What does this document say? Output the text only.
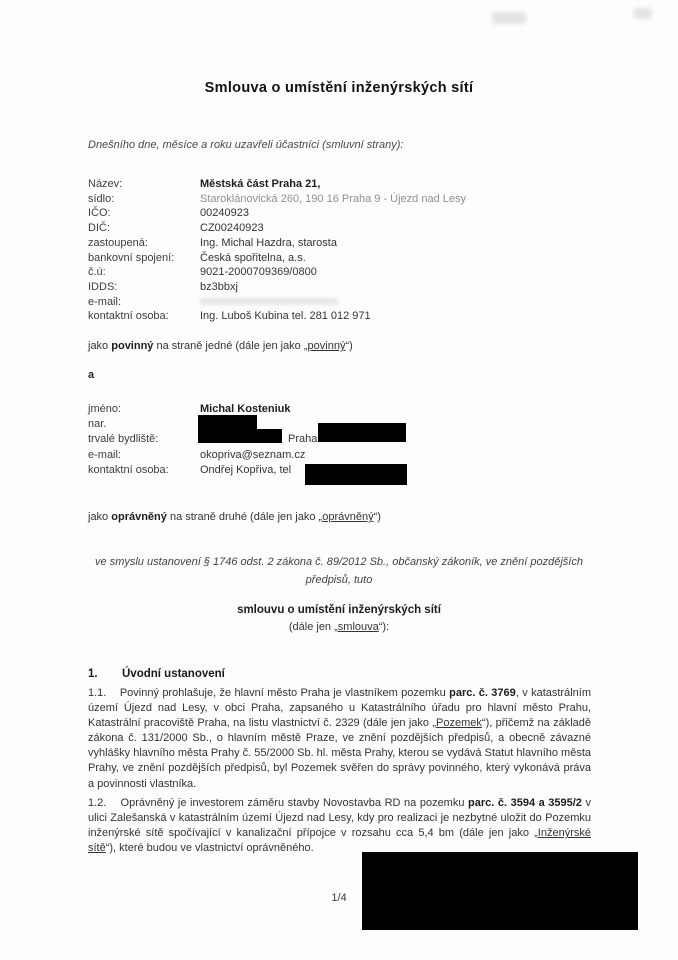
Smlouva o umístění inženýrských sítí
Dnešního dne, měsíce a roku uzavřeli účastníci (smluvní strany):
Název:	Městská část Praha 21,
sídlo:	Staroklánovická 260, 190 16 Praha 9 - Újezd nad Lesy
IČO:	00240923
DIČ:	CZ00240923
zastoupená:	Ing. Michal Hazdra, starosta
bankovní spojení:	Česká spořitelna, a.s.
č.ú:	9021-2000709369/0800
IDDS:	bz3bbxj
e-mail:
kontaktní osoba:	Ing. Luboš Kubina tel. 281 012 971
jako povinný na straně jedné (dále jen jako „povinný“)
a
jméno:	Michal Kosteniuk
nar.
trvalé bydliště:	Praha
e-mail:	okopriva@seznam.cz
kontaktní osoba:	Ondřej Kopřiva, tel
jako oprávněný na straně druhé (dále jen jako „oprávněný“)
ve smyslu ustanovení § 1746 odst. 2 zákona č. 89/2012 Sb., občanský zákoník, ve znění pozdějších
předpisů, tuto
smlouvu o umístění inženýrských sítí
(dále jen „smlouva“):
1. Úvodní ustanovení
1.1.    Povinný prohlašuje, že hlavní město Praha je vlastníkem pozemku parc. č. 3769, v katastrálním území Újezd nad Lesy, v obci Praha, zapsaného u Katastrálního úřadu pro hlavní město Prahu, Katastrální pracoviště Praha, na listu vlastnictví č. 2329 (dále jen jako „Pozemek“), přičemž na základě zákona č. 131/2000 Sb., o hlavním městě Praze, ve znění pozdějších předpisů, a obecně závazné vyhlášky hlavního města Prahy č. 55/2000 Sb. hl. města Prahy, kterou se vydává Statut hlavního města Prahy, ve znění pozdějších předpisů, byl Pozemek svěřen do správy povinného, který vykonává práva a povinnosti vlastníka.
1.2.    Oprávněný je investorem záměru stavby Novostavba RD na pozemku parc. č. 3594 a 3595/2 v ulici Zalešanská v katastrálním území Újezd nad Lesy, kdy pro realizaci je nezbytné uložit do Pozemku inženýrské sítě spočívající v kanalizační přípojce v rozsahu cca 5,4 bm (dále jen jako „Inženýrské sítě“), které budou ve vlastnictví oprávněného.
1/4
